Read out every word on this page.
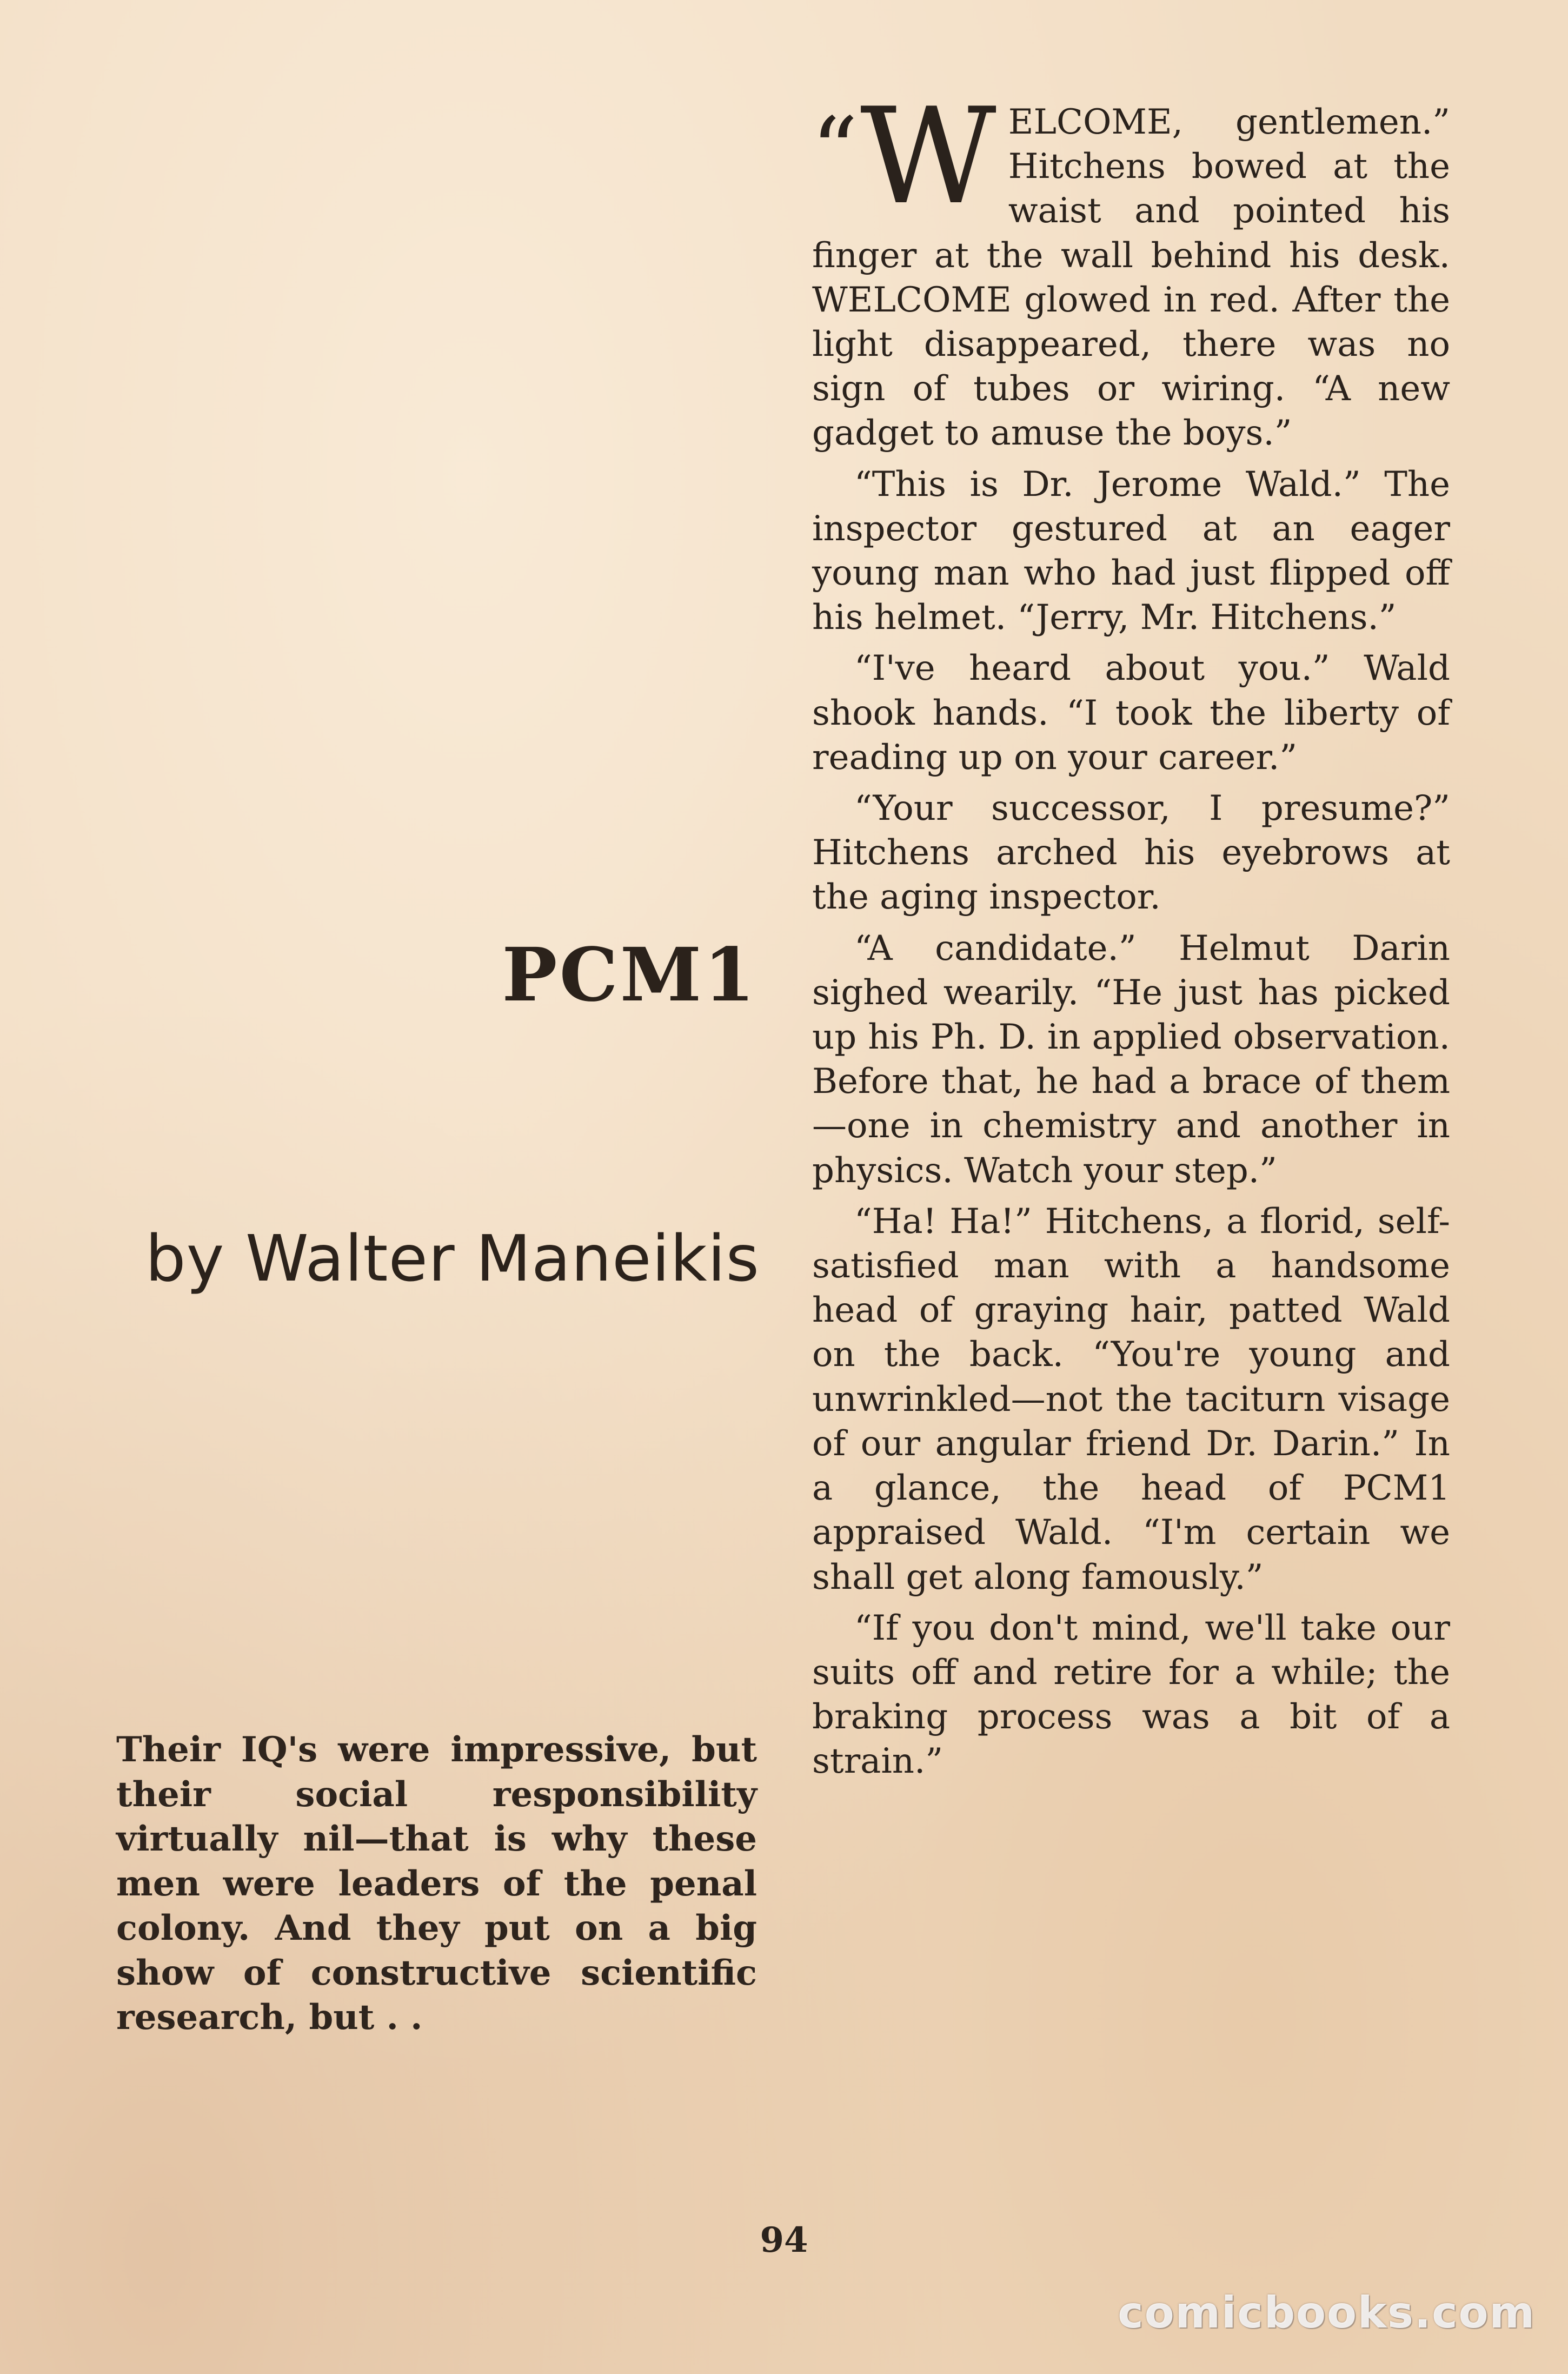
PCM1
by Walter Maneikis

Their IQ's were impressive, but their social responsibility virtually nil—that is why these men were leaders of the penal colony. And they put on a big show of constructive scientific research, but . .

“W ELCOME, gentlemen.” Hitchens bowed at the waist and pointed his finger at the wall behind his desk. WELCOME glowed in red. After the light disappeared, there was no sign of tubes or wiring. “A new gadget to amuse the boys.”

“This is Dr. Jerome Wald.” The inspector gestured at an eager young man who had just flipped off his helmet. “Jerry, Mr. Hitchens.”

“I've heard about you.” Wald shook hands. “I took the liberty of reading up on your career.”

“Your successor, I presume?” Hitchens arched his eyebrows at the aging inspector.

“A candidate.” Helmut Darin sighed wearily. “He just has picked up his Ph. D. in applied observation. Before that, he had a brace of them—one in chemistry and another in physics. Watch your step.”

“Ha! Ha!” Hitchens, a florid, self-satisfied man with a handsome head of graying hair, patted Wald on the back. “You're young and unwrinkled—not the taciturn visage of our angular friend Dr. Darin.” In a glance, the head of PCM1 appraised Wald. “I'm certain we shall get along famously.”

“If you don't mind, we'll take our suits off and retire for a while; the braking process was a bit of a strain.”

94

comicbooks.com
